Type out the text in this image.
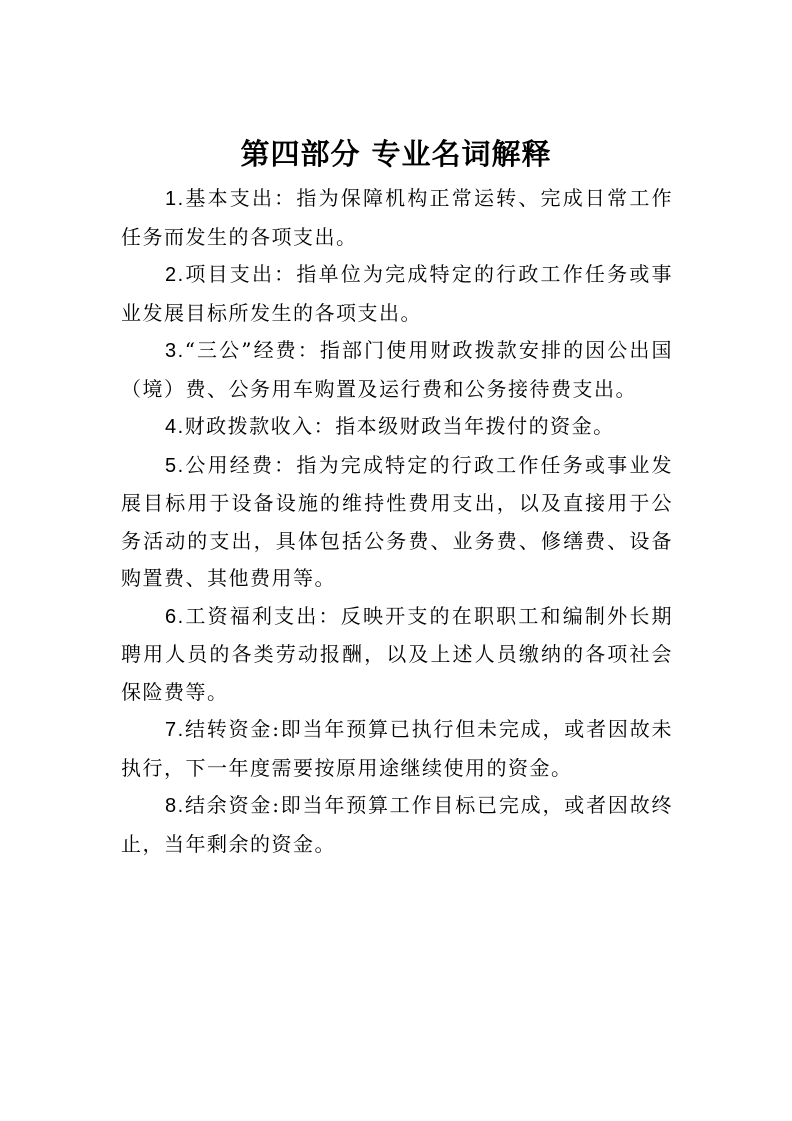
第四部分 专业名词解释

1.基本支出：指为保障机构正常运转、完成日常工作任务而发生的各项支出。

2.项目支出：指单位为完成特定的行政工作任务或事业发展目标所发生的各项支出。

3.“三公”经费：指部门使用财政拨款安排的因公出国（境）费、公务用车购置及运行费和公务接待费支出。

4.财政拨款收入：指本级财政当年拨付的资金。

5.公用经费：指为完成特定的行政工作任务或事业发展目标用于设备设施的维持性费用支出，以及直接用于公务活动的支出，具体包括公务费、业务费、修缮费、设备购置费、其他费用等。

6.工资福利支出：反映开支的在职职工和编制外长期聘用人员的各类劳动报酬，以及上述人员缴纳的各项社会保险费等。

7.结转资金:即当年预算已执行但未完成，或者因故未执行，下一年度需要按原用途继续使用的资金。

8.结余资金:即当年预算工作目标已完成，或者因故终止，当年剩余的资金。
